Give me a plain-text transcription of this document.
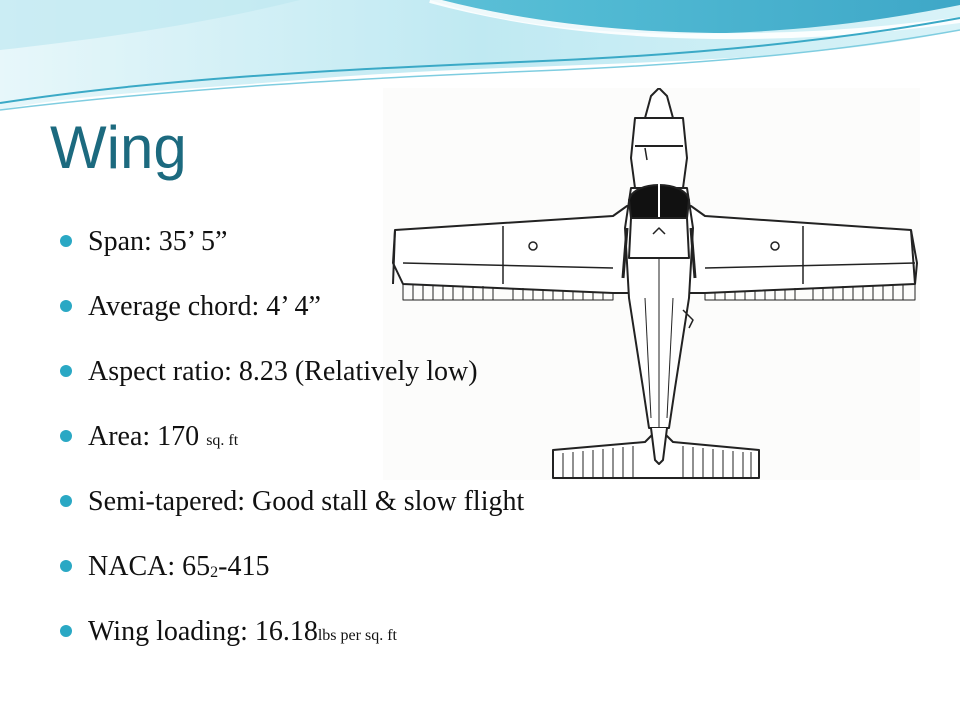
Wing
Span: 35’ 5”
Average chord: 4’ 4”
Aspect ratio: 8.23 (Relatively low)
Area: 170 sq. ft
Semi-tapered: Good stall & slow flight
NACA: 652-415
Wing loading: 16.18lbs per sq. ft
